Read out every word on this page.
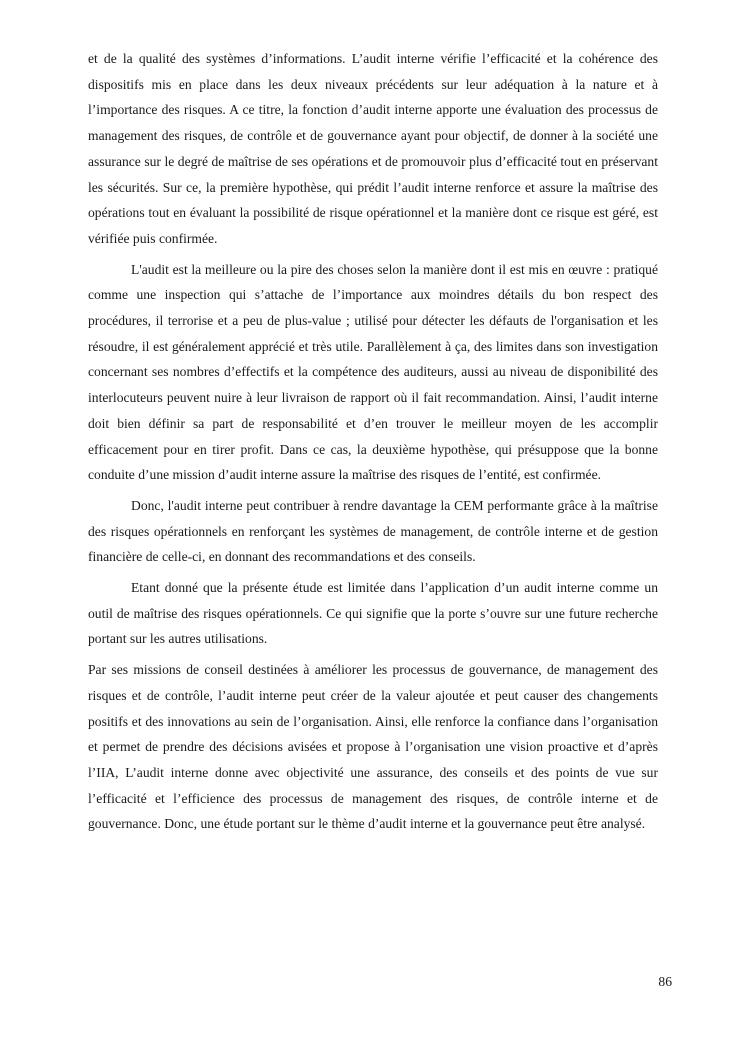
et de la qualité des systèmes d’informations. L’audit interne vérifie l’efficacité et la cohérence des dispositifs mis en place dans les deux niveaux précédents sur leur adéquation à la nature et à l’importance des risques. A ce titre, la fonction d’audit interne apporte une évaluation des processus de management des risques, de contrôle et de gouvernance ayant pour objectif, de donner à la société une assurance sur le degré de maîtrise de ses opérations et de promouvoir plus d’efficacité tout en préservant les sécurités. Sur ce, la première hypothèse, qui prédit l’audit interne renforce et assure la maîtrise des opérations tout en évaluant la possibilité de risque opérationnel et la manière dont ce risque est géré, est vérifiée puis confirmée.

L'audit est la meilleure ou la pire des choses selon la manière dont il est mis en œuvre : pratiqué comme une inspection qui s’attache de l’importance aux moindres détails du bon respect des procédures, il terrorise et a peu de plus-value ; utilisé pour détecter les défauts de l'organisation et les résoudre, il est généralement apprécié et très utile. Parallèlement à ça, des limites dans son investigation concernant ses nombres d’effectifs et la compétence des auditeurs, aussi au niveau de disponibilité des interlocuteurs peuvent nuire à leur livraison de rapport où il fait recommandation. Ainsi, l’audit interne doit bien définir sa part de responsabilité et d’en trouver le meilleur moyen de les accomplir efficacement pour en tirer profit. Dans ce cas, la deuxième hypothèse, qui présuppose que la bonne conduite d’une mission d’audit interne assure la maîtrise des risques de l’entité, est confirmée.

Donc, l'audit interne peut contribuer à rendre davantage la CEM performante grâce à la maîtrise des risques opérationnels en renforçant les systèmes de management, de contrôle interne et de gestion financière de celle-ci, en donnant des recommandations et des conseils.

Etant donné que la présente étude est limitée dans l’application d’un audit interne comme un outil de maîtrise des risques opérationnels. Ce qui signifie que la porte s’ouvre sur une future recherche portant sur les autres utilisations.

Par ses missions de conseil destinées à améliorer les processus de gouvernance, de management des risques et de contrôle, l’audit interne peut créer de la valeur ajoutée et peut causer des changements positifs et des innovations au sein de l’organisation. Ainsi, elle renforce la confiance dans l’organisation et permet de prendre des décisions avisées et propose à l’organisation une vision proactive et d’après l’IIA, L’audit interne donne avec objectivité une assurance, des conseils et des points de vue sur l’efficacité et l’efficience des processus de management des risques, de contrôle interne et de gouvernance. Donc, une étude portant sur le thème d’audit interne et la gouvernance peut être analysé.

86
